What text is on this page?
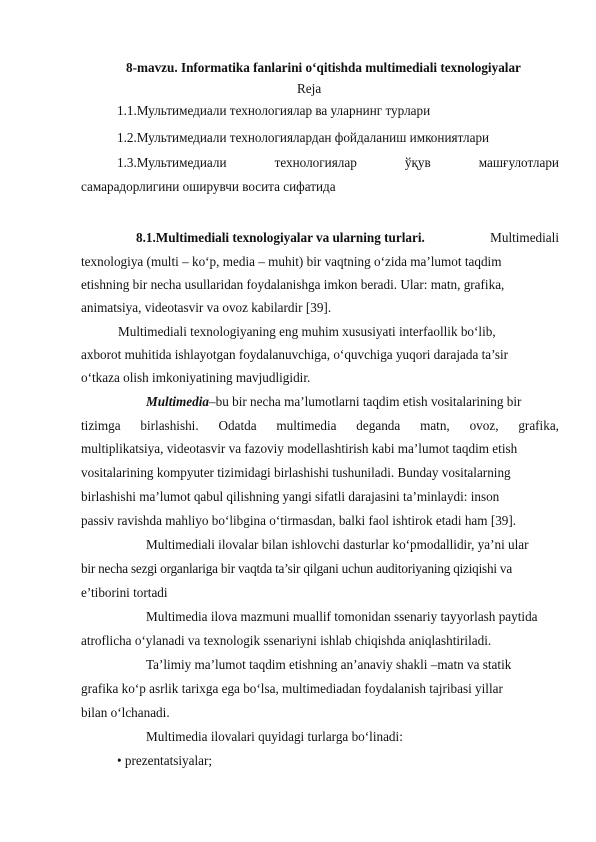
8-mavzu. Informatika fanlarini o‘qitishda multimediali texnologiyalar
Reja
1.1.Мультимедиали технологиялар ва уларнинг турлари
1.2.Мультимедиали технологиялардан фойдаланиш имкониятлари
1.3.Мультимедиали	технологиялар	ўқув	машғулотлари
самарадорлигини оширувчи восита сифатида
8.1.Multimediali texnologiyalar va ularning turlari.	Multimediali
texnologiya (multi – ko‘p, media – muhit) bir vaqtning o‘zida ma’lumot taqdim
etishning bir necha usullaridan foydalanishga imkon beradi. Ular: matn, grafika,
animatsiya, videotasvir va ovoz kabilardir [39].
Multimediali texnologiyaning eng muhim xususiyati interfaollik bo‘lib,
axborot muhitida ishlayotgan foydalanuvchiga, o‘quvchiga yuqori darajada ta’sir
o‘tkaza olish imkoniyatining mavjudligidir.
Multimedia–bu bir necha ma’lumotlarni taqdim etish vositalarining bir
tizimga birlashishi. Odatda multimedia deganda matn, ovoz, grafika,
multiplikatsiya, videotasvir va fazoviy modellashtirish kabi ma’lumot taqdim etish
vositalarining kompyuter tizimidagi birlashishi tushuniladi. Bunday vositalarning
birlashishi ma’lumot qabul qilishning yangi sifatli darajasini ta’minlaydi: inson
passiv ravishda mahliyo bo‘libgina o‘tirmasdan, balki faol ishtirok etadi ham [39].
Multimediali ilovalar bilan ishlovchi dasturlar ko‘pmodallidir, ya’ni ular
bir necha sezgi organlariga bir vaqtda ta’sir qilgani uchun auditoriyaning qiziqishi va
e’tiborini tortadi
Multimedia ilova mazmuni muallif tomonidan ssenariy tayyorlash paytida
atroflicha o‘ylanadi va texnologik ssenariyni ishlab chiqishda aniqlashtiriladi.
Ta’limiy ma’lumot taqdim etishning an’anaviy shakli –matn va statik
grafika ko‘p asrlik tarixga ega bo‘lsa, multimediadan foydalanish tajribasi yillar
bilan o‘lchanadi.
Multimedia ilovalari quyidagi turlarga bo‘linadi:
• prezentatsiyalar;
